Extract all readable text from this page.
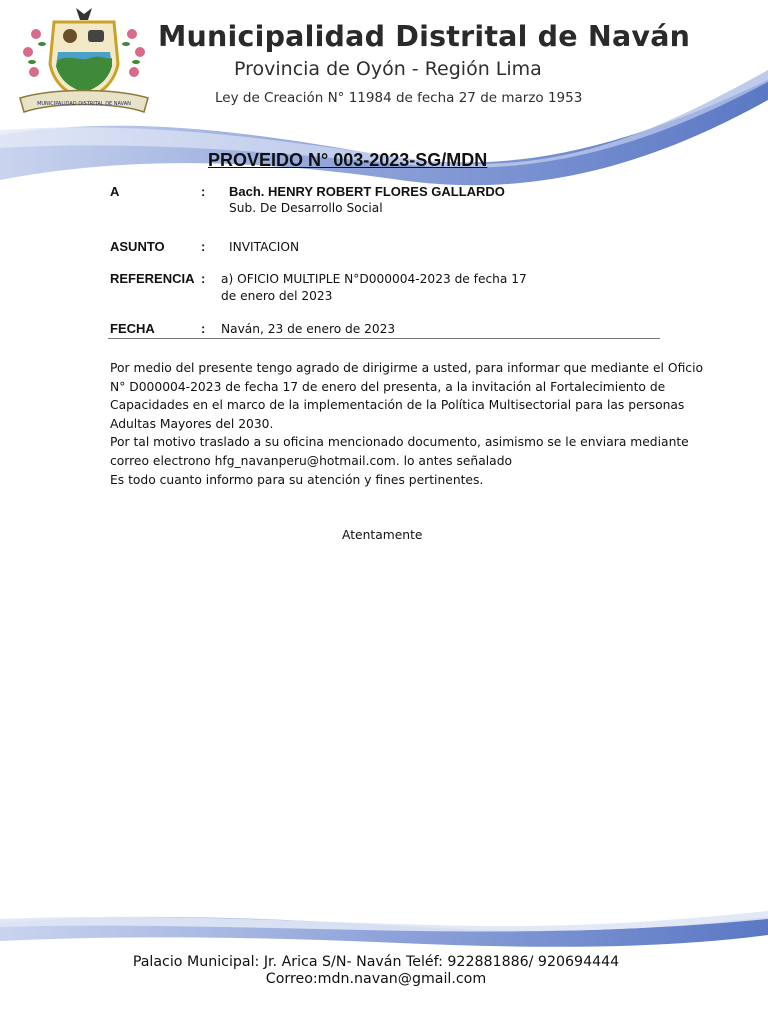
MUNICIPALIDAD DISTRITAL DE NAVAN
Municipalidad Distrital de Naván
Provincia de Oyón - Región Lima
Ley de Creación N° 11984 de fecha 27 de marzo 1953
PROVEIDO N° 003-2023-SG/MDN
A	: Bach. HENRY ROBERT FLORES GALLARDO
Sub. De Desarrollo Social
ASUNTO	: INVITACION
REFERENCIA : a) OFICIO MULTIPLE N°D000004-2023 de fecha 17
de enero del 2023
FECHA	: Naván, 23 de enero de 2023
Por medio del presente tengo agrado de dirigirme a usted, para informar que mediante el Oficio
N° D000004-2023 de fecha 17 de enero del presenta, a la invitación al Fortalecimiento de
Capacidades en el marco de la implementación de la Política Multisectorial para las personas
Adultas Mayores del 2030.
Por tal motivo traslado a su oficina mencionado documento, asimismo se le enviara mediante
correo electrono hfg_navanperu@hotmail.com. lo antes señalado
Es todo cuanto informo para su atención y fines pertinentes.
Atentamente
Palacio Municipal: Jr. Arica S/N- Naván Teléf: 922881886/ 920694444
Correo:mdn.navan@gmail.com
